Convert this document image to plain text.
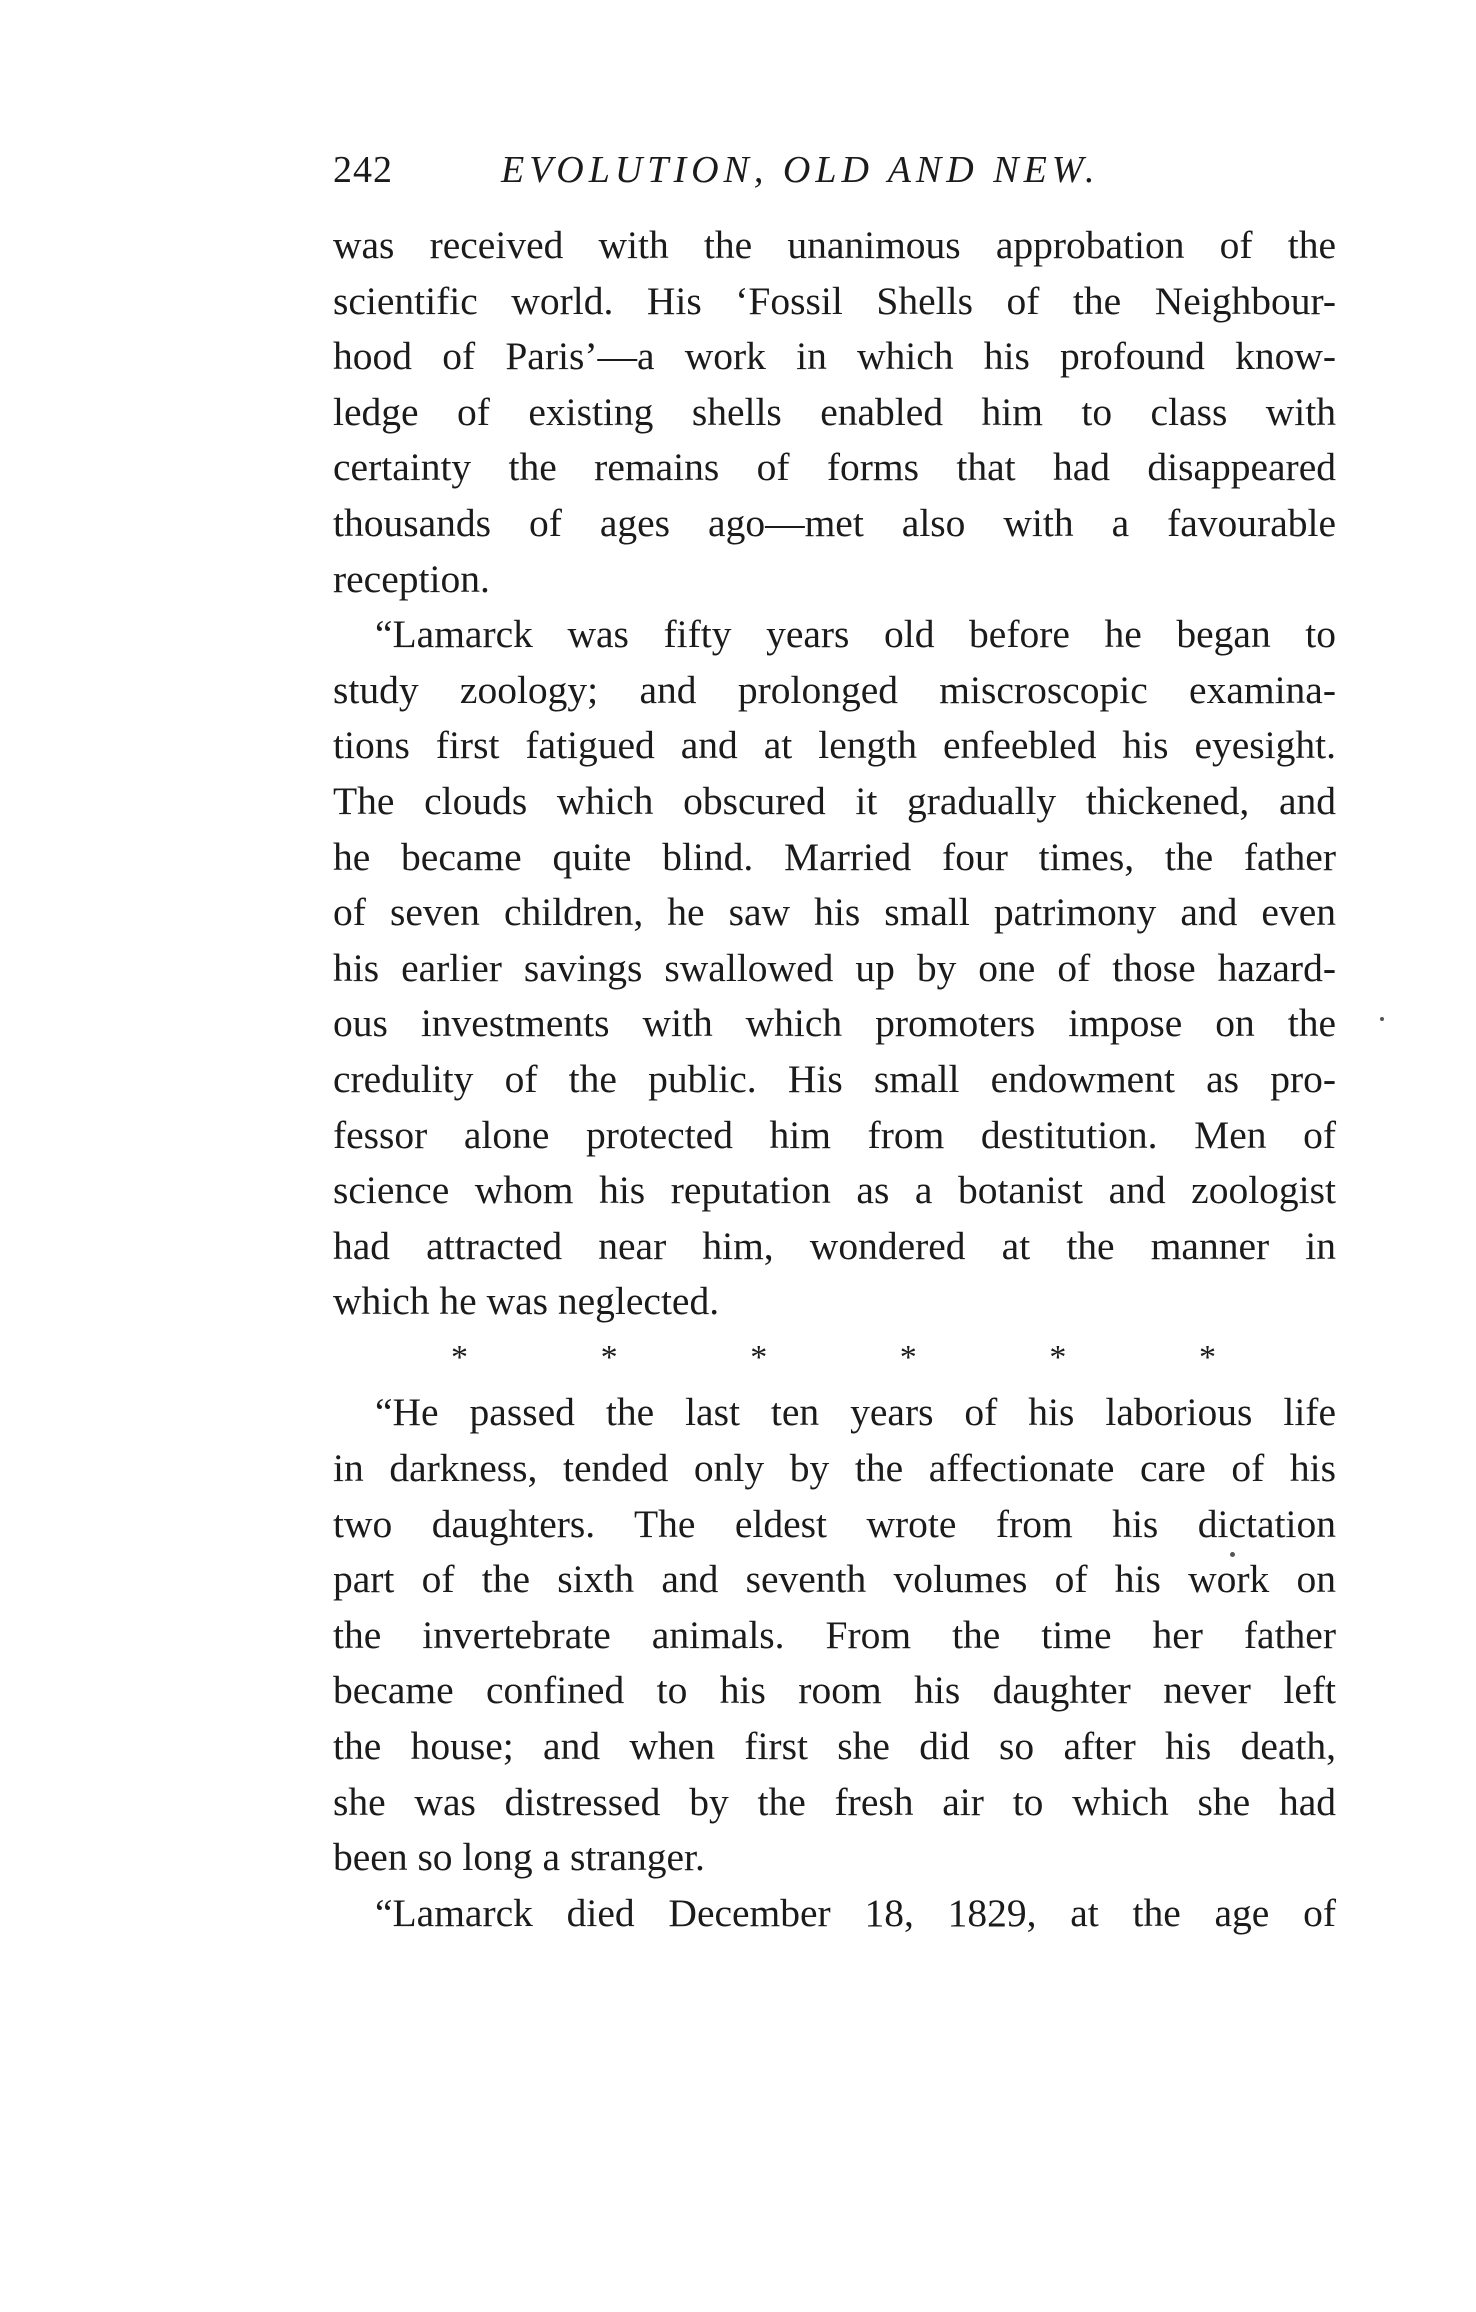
242	EVOLUTION, OLD AND NEW.
was received with the unanimous approbation of the
scientific world. His ‘Fossil Shells of the Neighbour-
hood of Paris’—a work in which his profound know-
ledge of existing shells enabled him to class with
certainty the remains of forms that had disappeared
thousands of ages ago—met also with a favourable
reception.
“Lamarck was fifty years old before he began to
study zoology; and prolonged miscroscopic examina-
tions first fatigued and at length enfeebled his eyesight.
The clouds which obscured it gradually thickened, and
he became quite blind. Married four times, the father
of seven children, he saw his small patrimony and even
his earlier savings swallowed up by one of those hazard-
ous investments with which promoters impose on the
credulity of the public. His small endowment as pro-
fessor alone protected him from destitution. Men of
science whom his reputation as a botanist and zoologist
had attracted near him, wondered at the manner in
which he was neglected.
*	*	*	*	*	*
“He passed the last ten years of his laborious life
in darkness, tended only by the affectionate care of his
two daughters. The eldest wrote from his dictation
part of the sixth and seventh volumes of his work on
the invertebrate animals. From the time her father
became confined to his room his daughter never left
the house; and when first she did so after his death,
she was distressed by the fresh air to which she had
been so long a stranger.
“Lamarck died December 18, 1829, at the age of
